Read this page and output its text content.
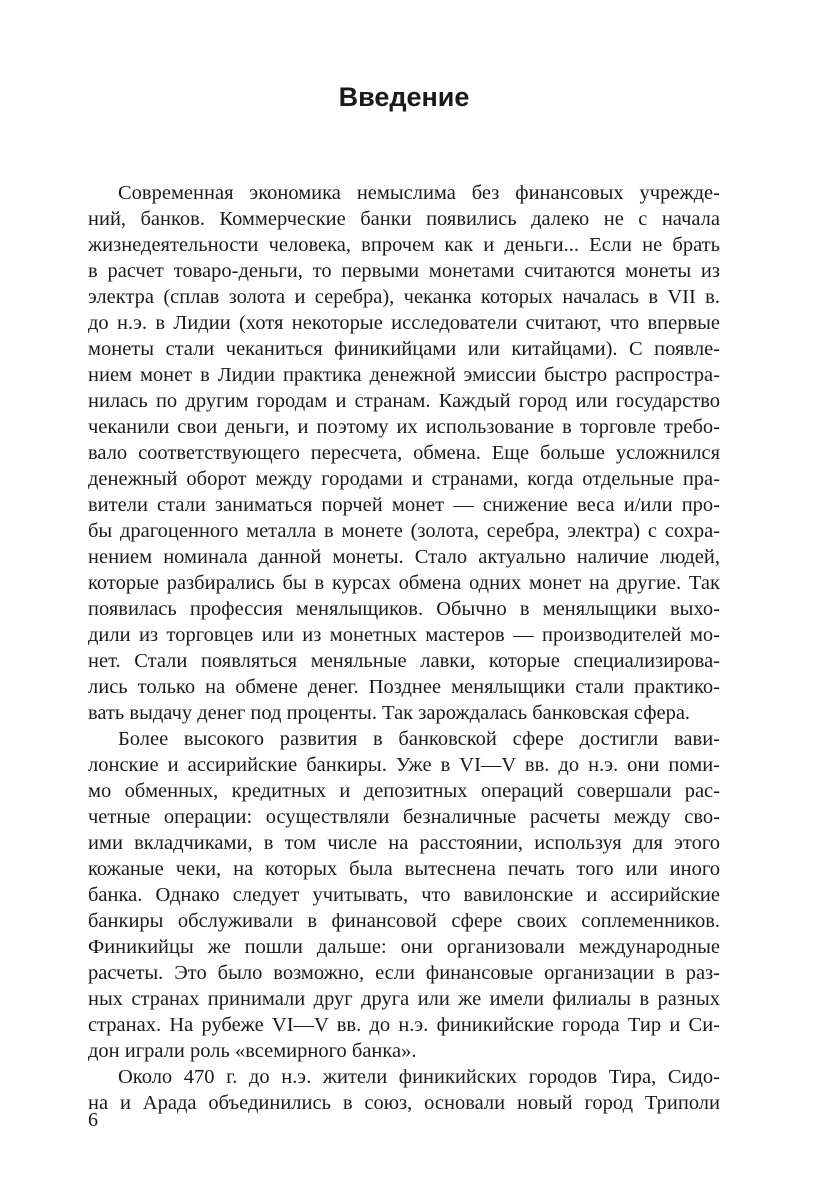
Введение
Современная экономика немыслима без финансовых учрежде-
ний, банков. Коммерческие банки появились далеко не с начала
жизнедеятельности человека, впрочем как и деньги... Если не брать
в расчет товаро-деньги, то первыми монетами считаются монеты из
электра (сплав золота и серебра), чеканка которых началась в VII в.
до н.э. в Лидии (хотя некоторые исследователи считают, что впервые
монеты стали чеканиться финикийцами или китайцами). С появле-
нием монет в Лидии практика денежной эмиссии быстро распростра-
нилась по другим городам и странам. Каждый город или государство
чеканили свои деньги, и поэтому их использование в торговле требо-
вало соответствующего пересчета, обмена. Еще больше усложнился
денежный оборот между городами и странами, когда отдельные пра-
вители стали заниматься порчей монет — снижение веса и/или про-
бы драгоценного металла в монете (золота, серебра, электра) с сохра-
нением номинала данной монеты. Стало актуально наличие людей,
которые разбирались бы в курсах обмена одних монет на другие. Так
появилась профессия менялыщиков. Обычно в менялыщики выхо-
дили из торговцев или из монетных мастеров — производителей мо-
нет. Стали появляться меняльные лавки, которые специализирова-
лись только на обмене денег. Позднее менялыщики стали практико-
вать выдачу денег под проценты. Так зарождалась банковская сфера.
Более высокого развития в банковской сфере достигли вави-
лонские и ассирийские банкиры. Уже в VI—V вв. до н.э. они поми-
мо обменных, кредитных и депозитных операций совершали рас-
четные операции: осуществляли безналичные расчеты между сво-
ими вкладчиками, в том числе на расстоянии, используя для этого
кожаные чеки, на которых была вытеснена печать того или иного
банка. Однако следует учитывать, что вавилонские и ассирийские
банкиры обслуживали в финансовой сфере своих соплеменников.
Финикийцы же пошли дальше: они организовали международные
расчеты. Это было возможно, если финансовые организации в раз-
ных странах принимали друг друга или же имели филиалы в разных
странах. На рубеже VI—V вв. до н.э. финикийские города Тир и Си-
дон играли роль «всемирного банка».
Около 470 г. до н.э. жители финикийских городов Тира, Сидо-
на и Арада объединились в союз, основали новый город Триполи
6
